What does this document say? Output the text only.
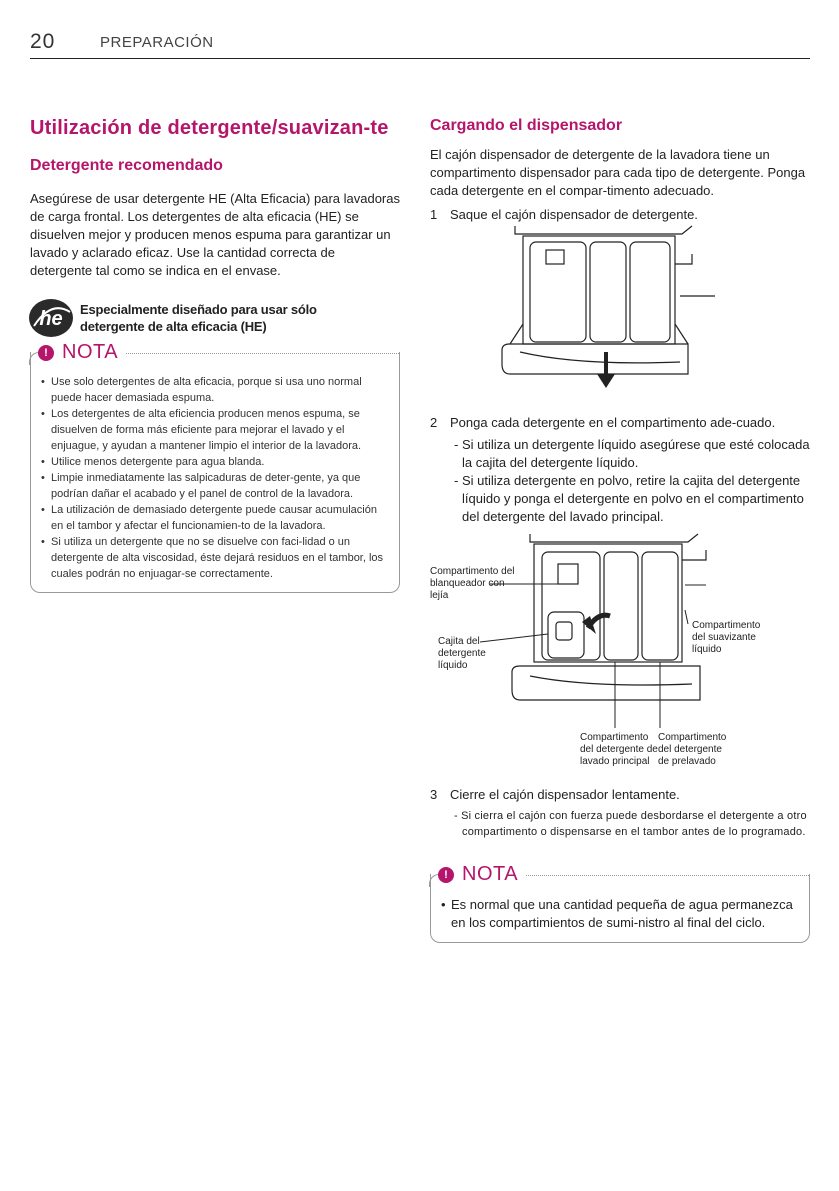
20	PREPARACIÓN
Utilización de detergente/suavizan-te
Detergente recomendado

Asegúrese de usar detergente HE (Alta Eficacia) para lavadoras de carga frontal. Los detergentes de alta eficacia (HE) se disuelven mejor y producen menos espuma para garantizar un lavado y aclarado eficaz. Use la cantidad correcta de detergente tal como se indica en el envase.

he Especialmente diseñado para usar sólo
detergente de alta eficacia (HE)
! NOTA
• Use solo detergentes de alta eficacia, porque si usa uno normal puede hacer demasiada espuma.
• Los detergentes de alta eficiencia producen menos espuma, se disuelven de forma más eficiente para mejorar el lavado y el enjuague, y ayudan a mantener limpio el interior de la lavadora.
• Utilice menos detergente para agua blanda.
• Limpie inmediatamente las salpicaduras de deter-gente, ya que podrían dañar el acabado y el panel de control de la lavadora.
• La utilización de demasiado detergente puede causar acumulación en el tambor y afectar el funcionamien-to de la lavadora.
• Si utiliza un detergente que no se disuelve con faci-lidad o un detergente de alta viscosidad, éste dejará residuos en el tambor, los cuales podrán no enjuagar-se correctamente.
Cargando el dispensador

El cajón dispensador de detergente de la lavadora tiene un compartimento dispensador para cada tipo de detergente. Ponga cada detergente en el compar-timento adecuado.

1 Saque el cajón dispensador de detergente.
2 Ponga cada detergente en el compartimento ade-cuado.
- Si utiliza un detergente líquido asegúrese que esté colocada la cajita del detergente líquido.
- Si utiliza detergente en polvo, retire la cajita del detergente líquido y ponga el detergente en polvo en el compartimento del detergente del lavado principal.
Compartimento del
blanqueador con
lejía
Cajita del
detergente
líquido
Compartimento
del suavizante
líquido
Compartimento
del detergente de
lavado principal
Compartimento
del detergente
de prelavado
3 Cierre el cajón dispensador lentamente.
- Si cierra el cajón con fuerza puede desbordarse el detergente a otro compartimento o dispensarse en el tambor antes de lo programado.
! NOTA
• Es normal que una cantidad pequeña de agua permanezca en los compartimientos de sumi-nistro al final del ciclo.
